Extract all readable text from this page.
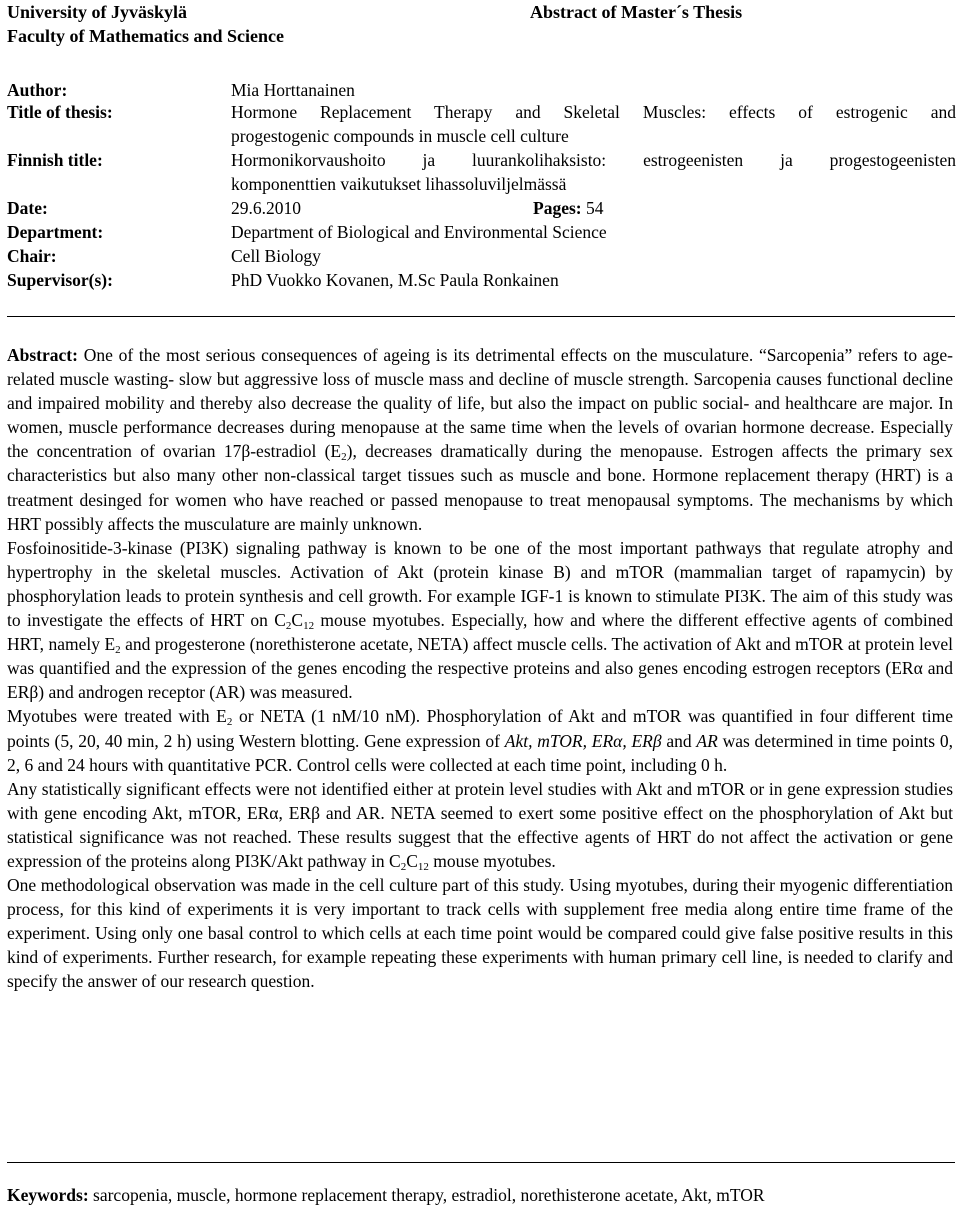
University of Jyväskylä
Faculty of Mathematics and Science
Abstract of Master´s Thesis
Author:	Mia Horttanainen
Title of thesis:	Hormone Replacement Therapy and Skeletal Muscles: effects of estrogenic and
progestogenic compounds in muscle cell culture
Finnish title:	Hormonikorvaushoito ja luurankolihaksisto: estrogeenisten ja progestogeenisten
komponenttien vaikutukset lihassoluviljelmässä
Date:	29.6.2010	Pages: 54
Department:	Department of Biological and Environmental Science
Chair:	Cell Biology
Supervisor(s):	PhD Vuokko Kovanen, M.Sc Paula Ronkainen

Abstract: One of the most serious consequences of ageing is its detrimental effects on the musculature. “Sarcopenia” refers to age-related muscle wasting- slow but aggressive loss of muscle mass and decline of muscle strength. Sarcopenia causes functional decline and impaired mobility and thereby also decrease the quality of life, but also the impact on public social- and healthcare are major. In women, muscle performance decreases during menopause at the same time when the levels of ovarian hormone decrease. Especially the concentration of ovarian 17β-estradiol $(E_2)$, decreases dramatically during the menopause. Estrogen affects the primary sex characteristics but also many other non-classical target tissues such as muscle and bone. Hormone replacement therapy (HRT) is a treatment desinged for women who have reached or passed menopause to treat menopausal symptoms. The mechanisms by which HRT possibly affects the musculature are mainly unknown.

Fosfoinositide-3-kinase (PI3K) signaling pathway is known to be one of the most important pathways that regulate atrophy and hypertrophy in the skeletal muscles. Activation of Akt (protein kinase B) and mTOR (mammalian target of rapamycin) by phosphorylation leads to protein synthesis and cell growth. For example IGF-1 is known to stimulate PI3K. The aim of this study was to investigate the effects of HRT on $C_2C_{12}$ mouse myotubes. Especially, how and where the different effective agents of combined HRT, namely $E_2$ and progesterone (norethisterone acetate, NETA) affect muscle cells. The activation of Akt and mTOR at protein level was quantified and the expression of the genes encoding the respective proteins and also genes encoding estrogen receptors (ERα and ERβ) and androgen receptor (AR) was measured.

Myotubes were treated with $E_2$ or NETA (1 nM/10 nM). Phosphorylation of Akt and mTOR was quantified in four different time points (5, 20, 40 min, 2 h) using Western blotting. Gene expression of Akt, mTOR, ERα, ERβ and AR was determined in time points 0, 2, 6 and 24 hours with quantitative PCR. Control cells were collected at each time point, including 0 h.

Any statistically significant effects were not identified either at protein level studies with Akt and mTOR or in gene expression studies with gene encoding Akt, mTOR, ERα, ERβ and AR. NETA seemed to exert some positive effect on the phosphorylation of Akt but statistical significance was not reached. These results suggest that the effective agents of HRT do not affect the activation or gene expression of the proteins along PI3K/Akt pathway in $C_2C_{12}$ mouse myotubes.

One methodological observation was made in the cell culture part of this study. Using myotubes, during their myogenic differentiation process, for this kind of experiments it is very important to track cells with supplement free media along entire time frame of the experiment. Using only one basal control to which cells at each time point would be compared could give false positive results in this kind of experiments. Further research, for example repeating these experiments with human primary cell line, is needed to clarify and specify the answer of our research question.

Keywords: sarcopenia, muscle, hormone replacement therapy, estradiol, norethisterone acetate, Akt, mTOR
